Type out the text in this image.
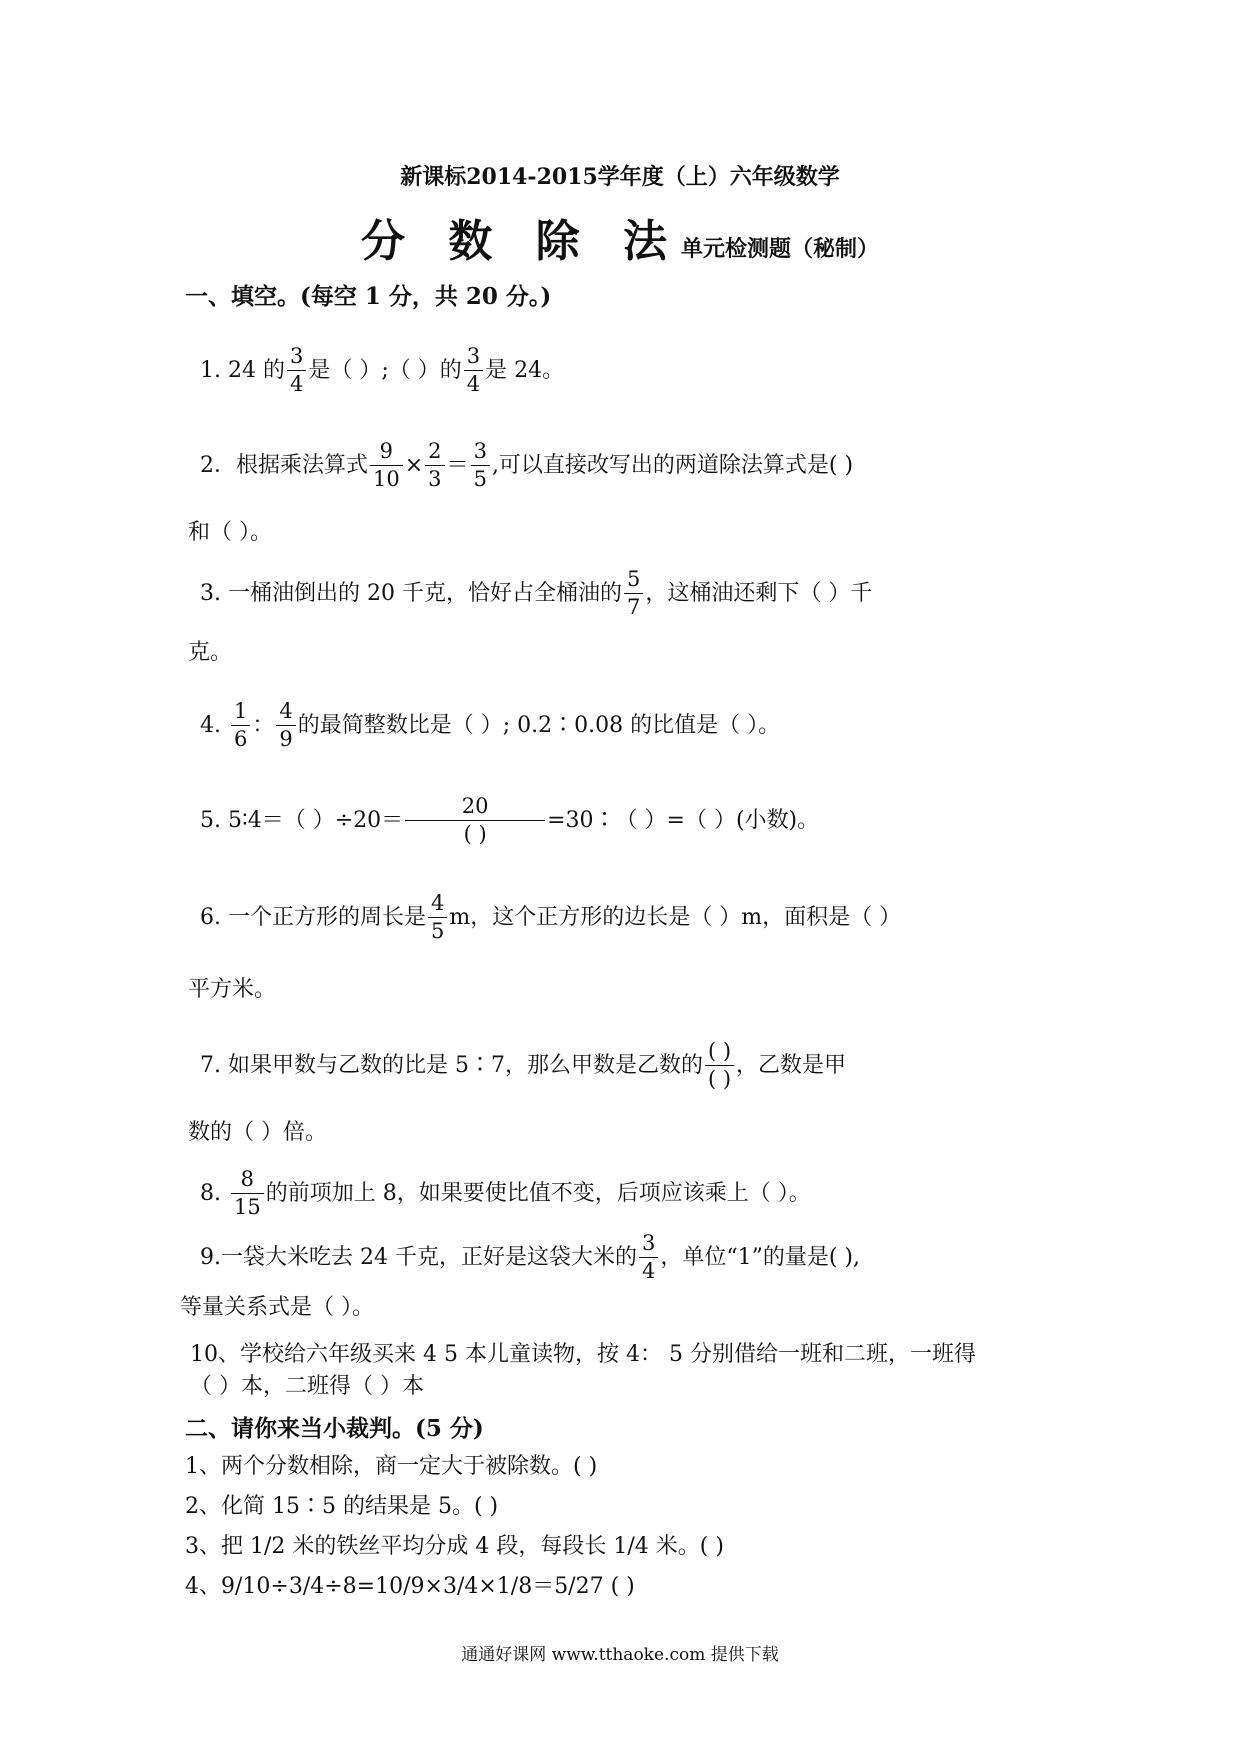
新课标2014-2015学年度（上）六年级数学
分 数 除 法单元检测题（秘制）
一、填空。(每空 1 分，共 20 分。)
1. 24 的 $\frac{3}{4}$ 是（ ）;（ ）的 $\frac{3}{4}$ 是 24。
2．根据乘法算式 $\frac{9}{10} \times \frac{2}{3} = \frac{3}{5}$ ,可以直接改写出的两道除法算式是( )
和（ ）。
3. 一桶油倒出的 20 千克，恰好占全桶油的 $\frac{5}{7}$ ，这桶油还剩下（ ）千
克。
4. $\frac{1}{6}$ ： $\frac{4}{9}$ 的最简整数比是（ ）; 0.2∶0.08 的比值是（ ）。
5. 5∶4＝（ ）$\div 20= \frac{20}{( )}$ =30∶（ ）=（ ）(小数)。
6. 一个正方形的周长是 $\frac{4}{5}$ m，这个正方形的边长是（ ）m，面积是（ ）
平方米。
7. 如果甲数与乙数的比是 5∶7，那么甲数是乙数的 $\frac{( )}{( )}$ ，乙数是甲
数的（ ）倍。
8. $\frac{8}{15}$ 的前项加上 8，如果要使比值不变，后项应该乘上（ ）。
9.一袋大米吃去 24 千克，正好是这袋大米的 $\frac{3}{4}$ ，单位“1”的量是( ),
等量关系式是（ ）。
10、学校给六年级买来 4 5 本儿童读物，按 4： 5 分别借给一班和二班，一班得
（ ）本，二班得（ ）本
二、请你来当小裁判。(5 分)
1、两个分数相除，商一定大于被除数。( )
2、化简 15∶5 的结果是 5。( )
3、把 1/2 米的铁丝平均分成 4 段，每段长 1/4 米。( )
4、9/10÷3/4÷8=10/9×3/4×1/8＝5/27 ( )
通通好课网 www.tthaoke.com 提供下载
